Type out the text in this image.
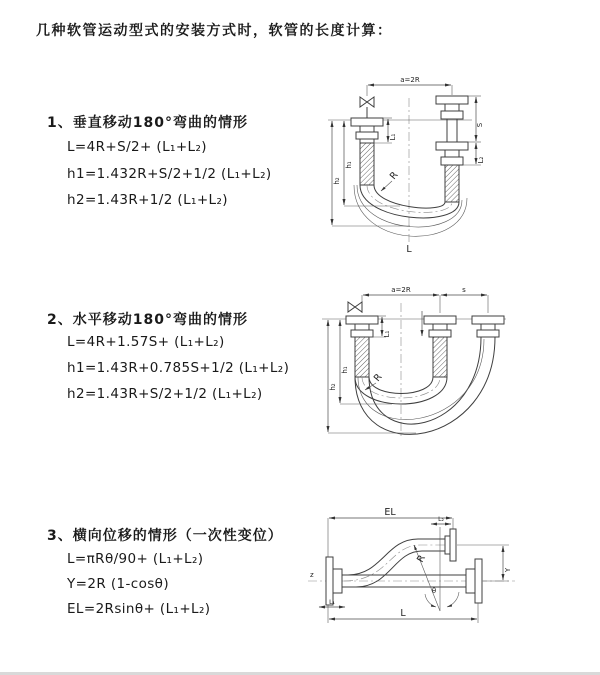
几种软管运动型式的安装方式时，软管的长度计算：
1、垂直移动180°弯曲的情形
L=4R+S/2+ (L₁+L₂)
h1=1.432R+S/2+1/2 (L₁+L₂)
h2=1.43R+1/2 (L₁+L₂)
2、水平移动180°弯曲的情形
L=4R+1.57S+ (L₁+L₂)
h1=1.43R+0.785S+1/2 (L₁+L₂)
h2=1.43R+S/2+1/2 (L₁+L₂)
3、横向位移的情形（一次性变位）
L=πRθ/90+ (L₁+L₂)
Y=2R (1-cosθ)
EL=2Rsinθ+ (L₁+L₂)
a=2R
S
L₂
L₁
h₁
h₂	R
L
a=2R	s
L₁
h₁
h₂
R
z
EL
L₂
R
θ
Y
L₁
L
